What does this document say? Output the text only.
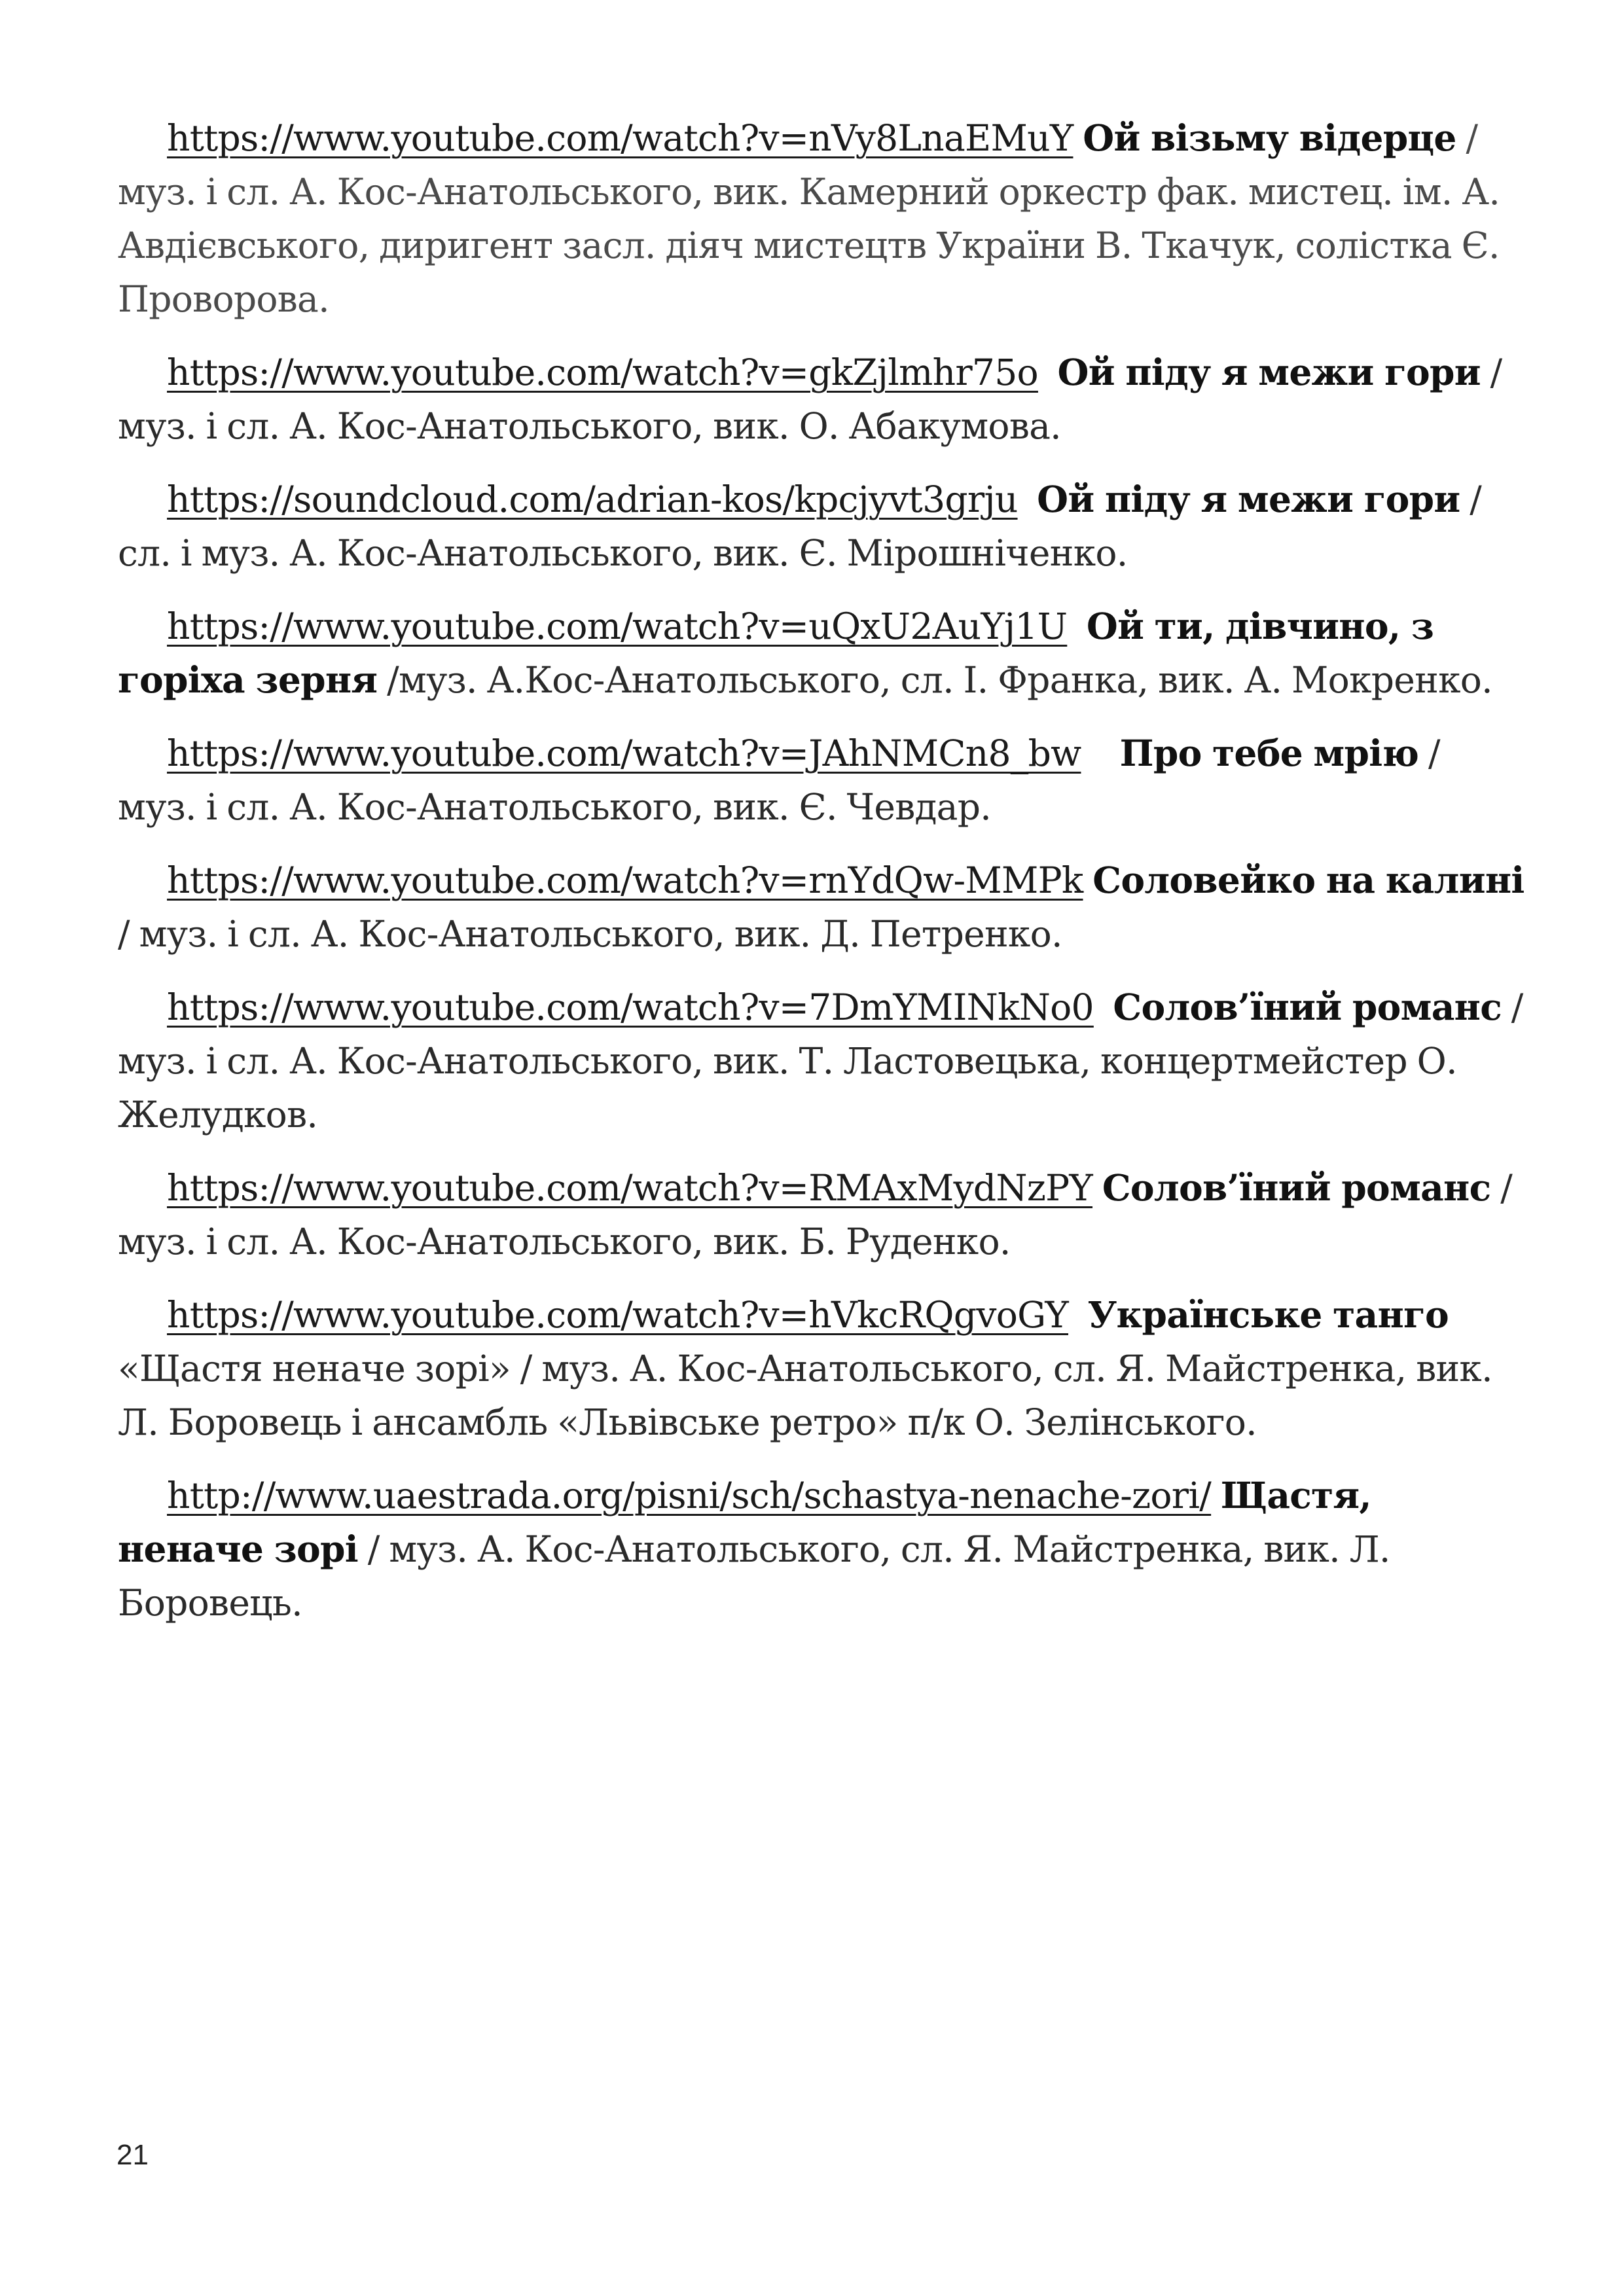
https://www.youtube.com/watch?v=nVy8LnaEMuY Ой візьму відерце / муз. і сл. А. Кос-Анатольського, вик. Камерний оркестр фак. мистец. ім. А. Авдієвського, диригент засл. діяч мистецтв України В. Ткачук, солістка Є. Проворова.

https://www.youtube.com/watch?v=gkZjlmhr75o Ой піду я межи гори /муз. і сл. А. Кос-Анатольського, вик. О. Абакумова.

https://soundcloud.com/adrian-kos/kpcjyvt3grju Ой піду я межи гори / сл. і муз. А. Кос-Анатольського, вик. Є. Мірошніченко.

https://www.youtube.com/watch?v=uQxU2AuYj1U Ой ти, дівчино, з горіха зерня /муз. А.Кос-Анатольського, сл. І. Франка, вик. А. Мокренко.

https://www.youtube.com/watch?v=JAhNMCn8_bw Про тебе мрію / муз. і сл. А. Кос-Анатольського, вик. Є. Чевдар.

https://www.youtube.com/watch?v=rnYdQw-MMPk Соловейко на калині / муз. і сл. А. Кос-Анатольського, вик. Д. Петренко.

https://www.youtube.com/watch?v=7DmYMINkNo0 Солов’їний романс / муз. і сл. А. Кос-Анатольського, вик. Т. Ластовецька, концертмейстер О. Желудков.

https://www.youtube.com/watch?v=RMAxMydNzPY Солов’їний романс / муз. і сл. А. Кос-Анатольського, вик. Б. Руденко.

https://www.youtube.com/watch?v=hVkcRQgvoGY Українське танго «Щастя неначе зорі» / муз. А. Кос-Анатольського, сл. Я. Майстренка, вик. Л. Боровець і ансамбль «Львівське ретро» п/к О. Зелінського.

http://www.uaestrada.org/pisni/sch/schastya-nenache-zori/ Щастя, неначе зорі / муз. А. Кос-Анатольського, сл. Я. Майстренка, вик. Л. Боровець.

21
